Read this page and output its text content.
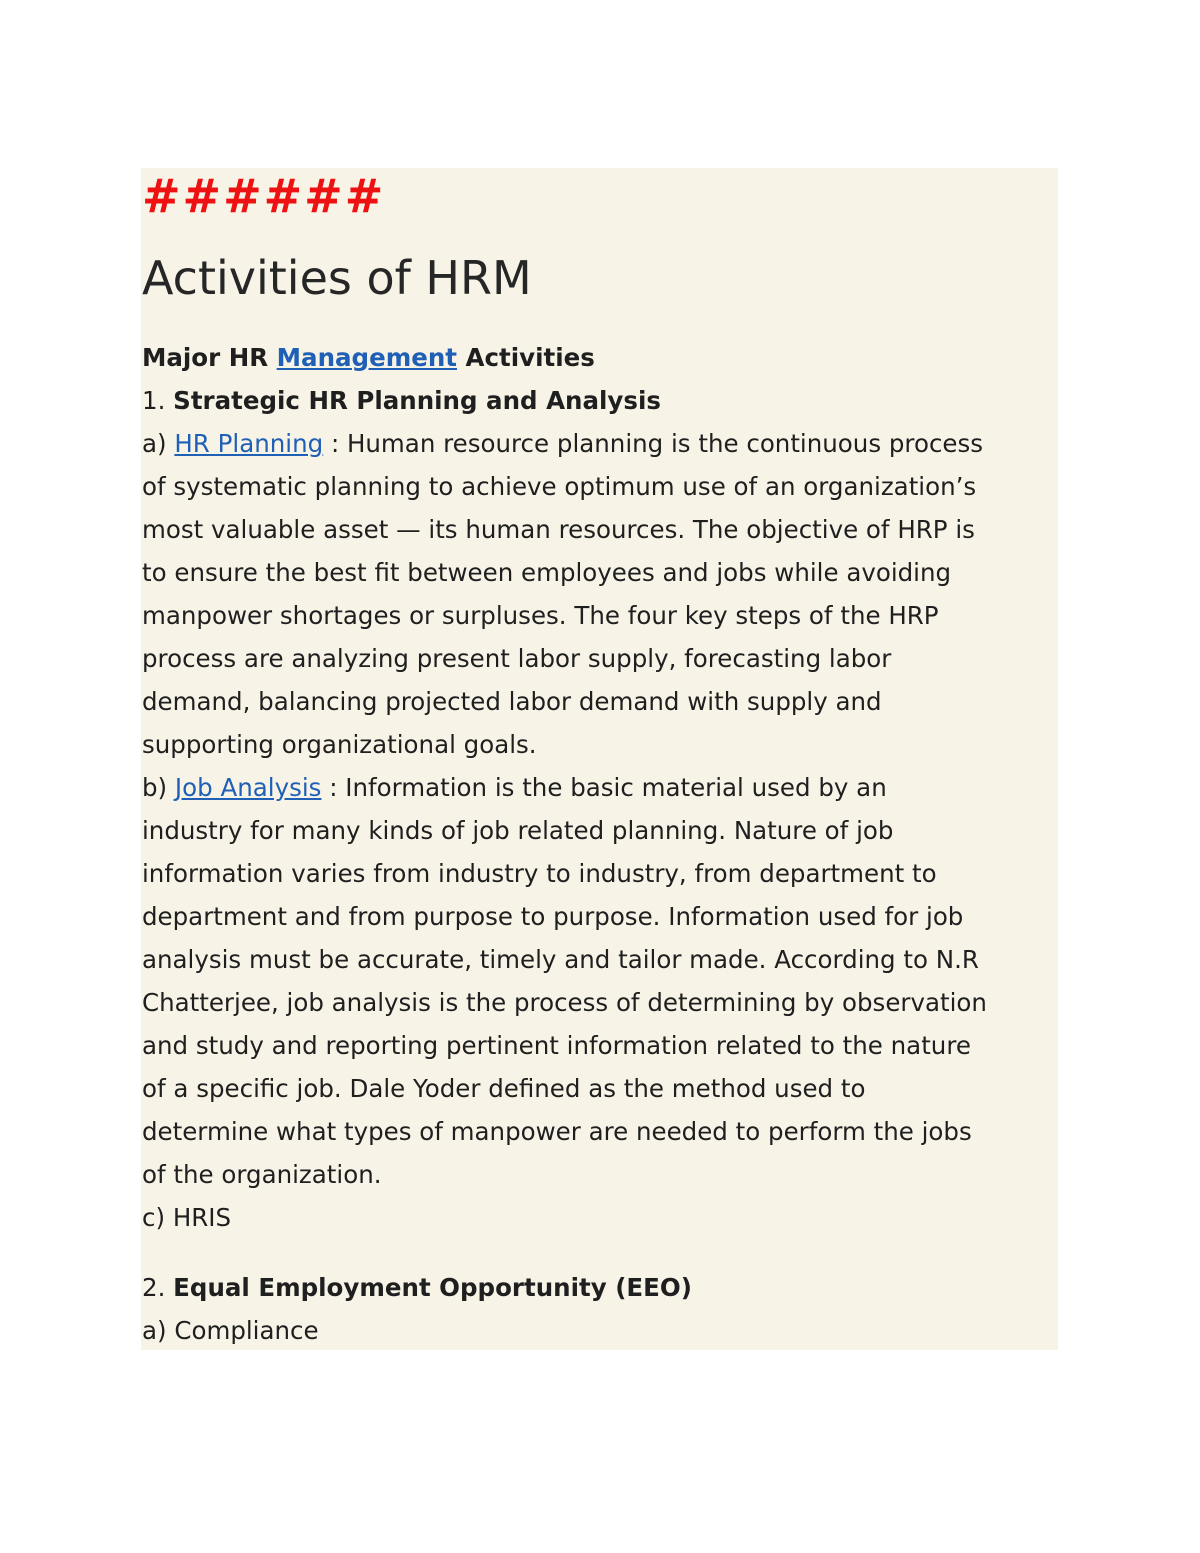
######
Activities of HRM
Major HR Management Activities
1. Strategic HR Planning and Analysis
a) HR Planning : Human resource planning is the continuous process
of systematic planning to achieve optimum use of an organization’s
most valuable asset — its human resources. The objective of HRP is
to ensure the best fit between employees and jobs while avoiding
manpower shortages or surpluses. The four key steps of the HRP
process are analyzing present labor supply, forecasting labor
demand, balancing projected labor demand with supply and
supporting organizational goals.
b) Job Analysis : Information is the basic material used by an
industry for many kinds of job related planning. Nature of job
information varies from industry to industry, from department to
department and from purpose to purpose. Information used for job
analysis must be accurate, timely and tailor made. According to N.R
Chatterjee, job analysis is the process of determining by observation
and study and reporting pertinent information related to the nature
of a specific job. Dale Yoder defined as the method used to
determine what types of manpower are needed to perform the jobs
of the organization.
c) HRIS
2. Equal Employment Opportunity (EEO)
a) Compliance
